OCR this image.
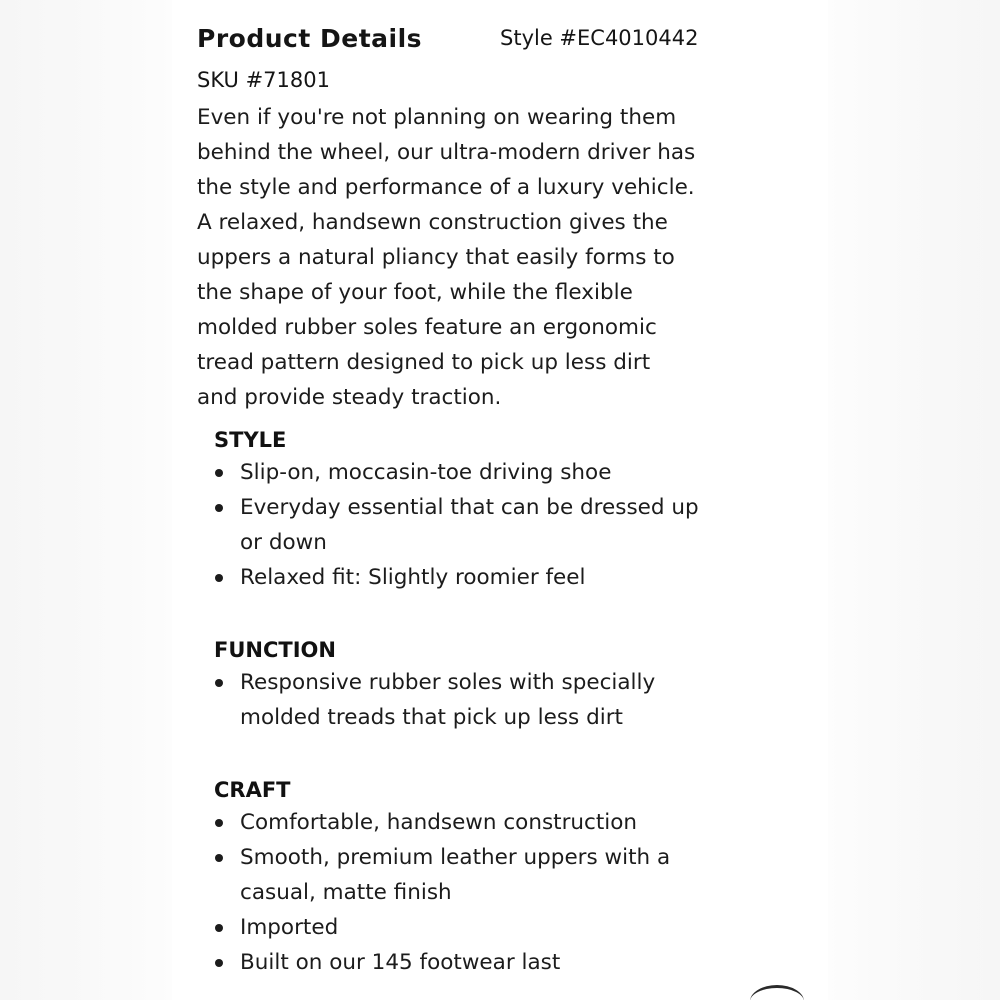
Product Details	Style #EC4010442
SKU #71801
Even if you're not planning on wearing them
behind the wheel, our ultra-modern driver has
the style and performance of a luxury vehicle.
A relaxed, handsewn construction gives the
uppers a natural pliancy that easily forms to
the shape of your foot, while the flexible
molded rubber soles feature an ergonomic
tread pattern designed to pick up less dirt
and provide steady traction.
STYLE
Slip-on, moccasin-toe driving shoe
Everyday essential that can be dressed up
or down
Relaxed fit: Slightly roomier feel
FUNCTION
Responsive rubber soles with specially
molded treads that pick up less dirt
CRAFT
Comfortable, handsewn construction
Smooth, premium leather uppers with a
casual, matte finish
Imported
Built on our 145 footwear last
